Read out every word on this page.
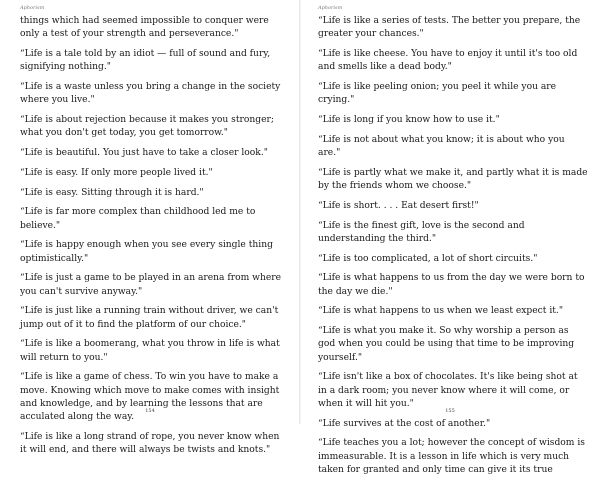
Aphorism
things which had seemed impossible to conquer were only a test of your strength and perseverance."
“Life is a tale told by an idiot — full of sound and fury, signifying nothing."
“Life is a waste unless you bring a change in the society where you live."
“Life is about rejection because it makes you stronger; what you don't get today, you get tomorrow."
“Life is beautiful. You just have to take a closer look."
“Life is easy. If only more people lived it."
“Life is easy. Sitting through it is hard."
“Life is far more complex than childhood led me to believe."
“Life is happy enough when you see every single thing optimistically."
“Life is just a game to be played in an arena from where you can't survive anyway."
“Life is just like a running train without driver, we can't jump out of it to find the platform of our choice."
“Life is like a boomerang, what you throw in life is what will return to you."
“Life is like a game of chess. To win you have to make a move. Knowing which move to make comes with insight and knowledge, and by learning the lessons that are acculated along the way.
“Life is like a long strand of rope, you never know when it will end, and there will always be twists and knots."
154
Aphorism
“Life is like a series of tests. The better you prepare, the greater your chances."
“Life is like cheese. You have to enjoy it until it's too old and smells like a dead body."
“Life is like peeling onion; you peel it while you are crying."
“Life is long if you know how to use it."
“Life is not about what you know; it is about who you are."
“Life is partly what we make it, and partly what it is made by the friends whom we choose."
“Life is short. . . . Eat desert first!"
“Life is the finest gift, love is the second and understanding the third."
“Life is too complicated, a lot of short circuits."
“Life is what happens to us from the day we were born to the day we die."
“Life is what happens to us when we least expect it."
“Life is what you make it. So why worship a person as god when you could be using that time to be improving yourself."
“Life isn't like a box of chocolates. It's like being shot at in a dark room; you never know where it will come, or when it will hit you."
“Life survives at the cost of another."
“Life teaches you a lot; however the concept of wisdom is immeasurable. It is a lesson in life which is very much taken for granted and only time can give it its true
155
